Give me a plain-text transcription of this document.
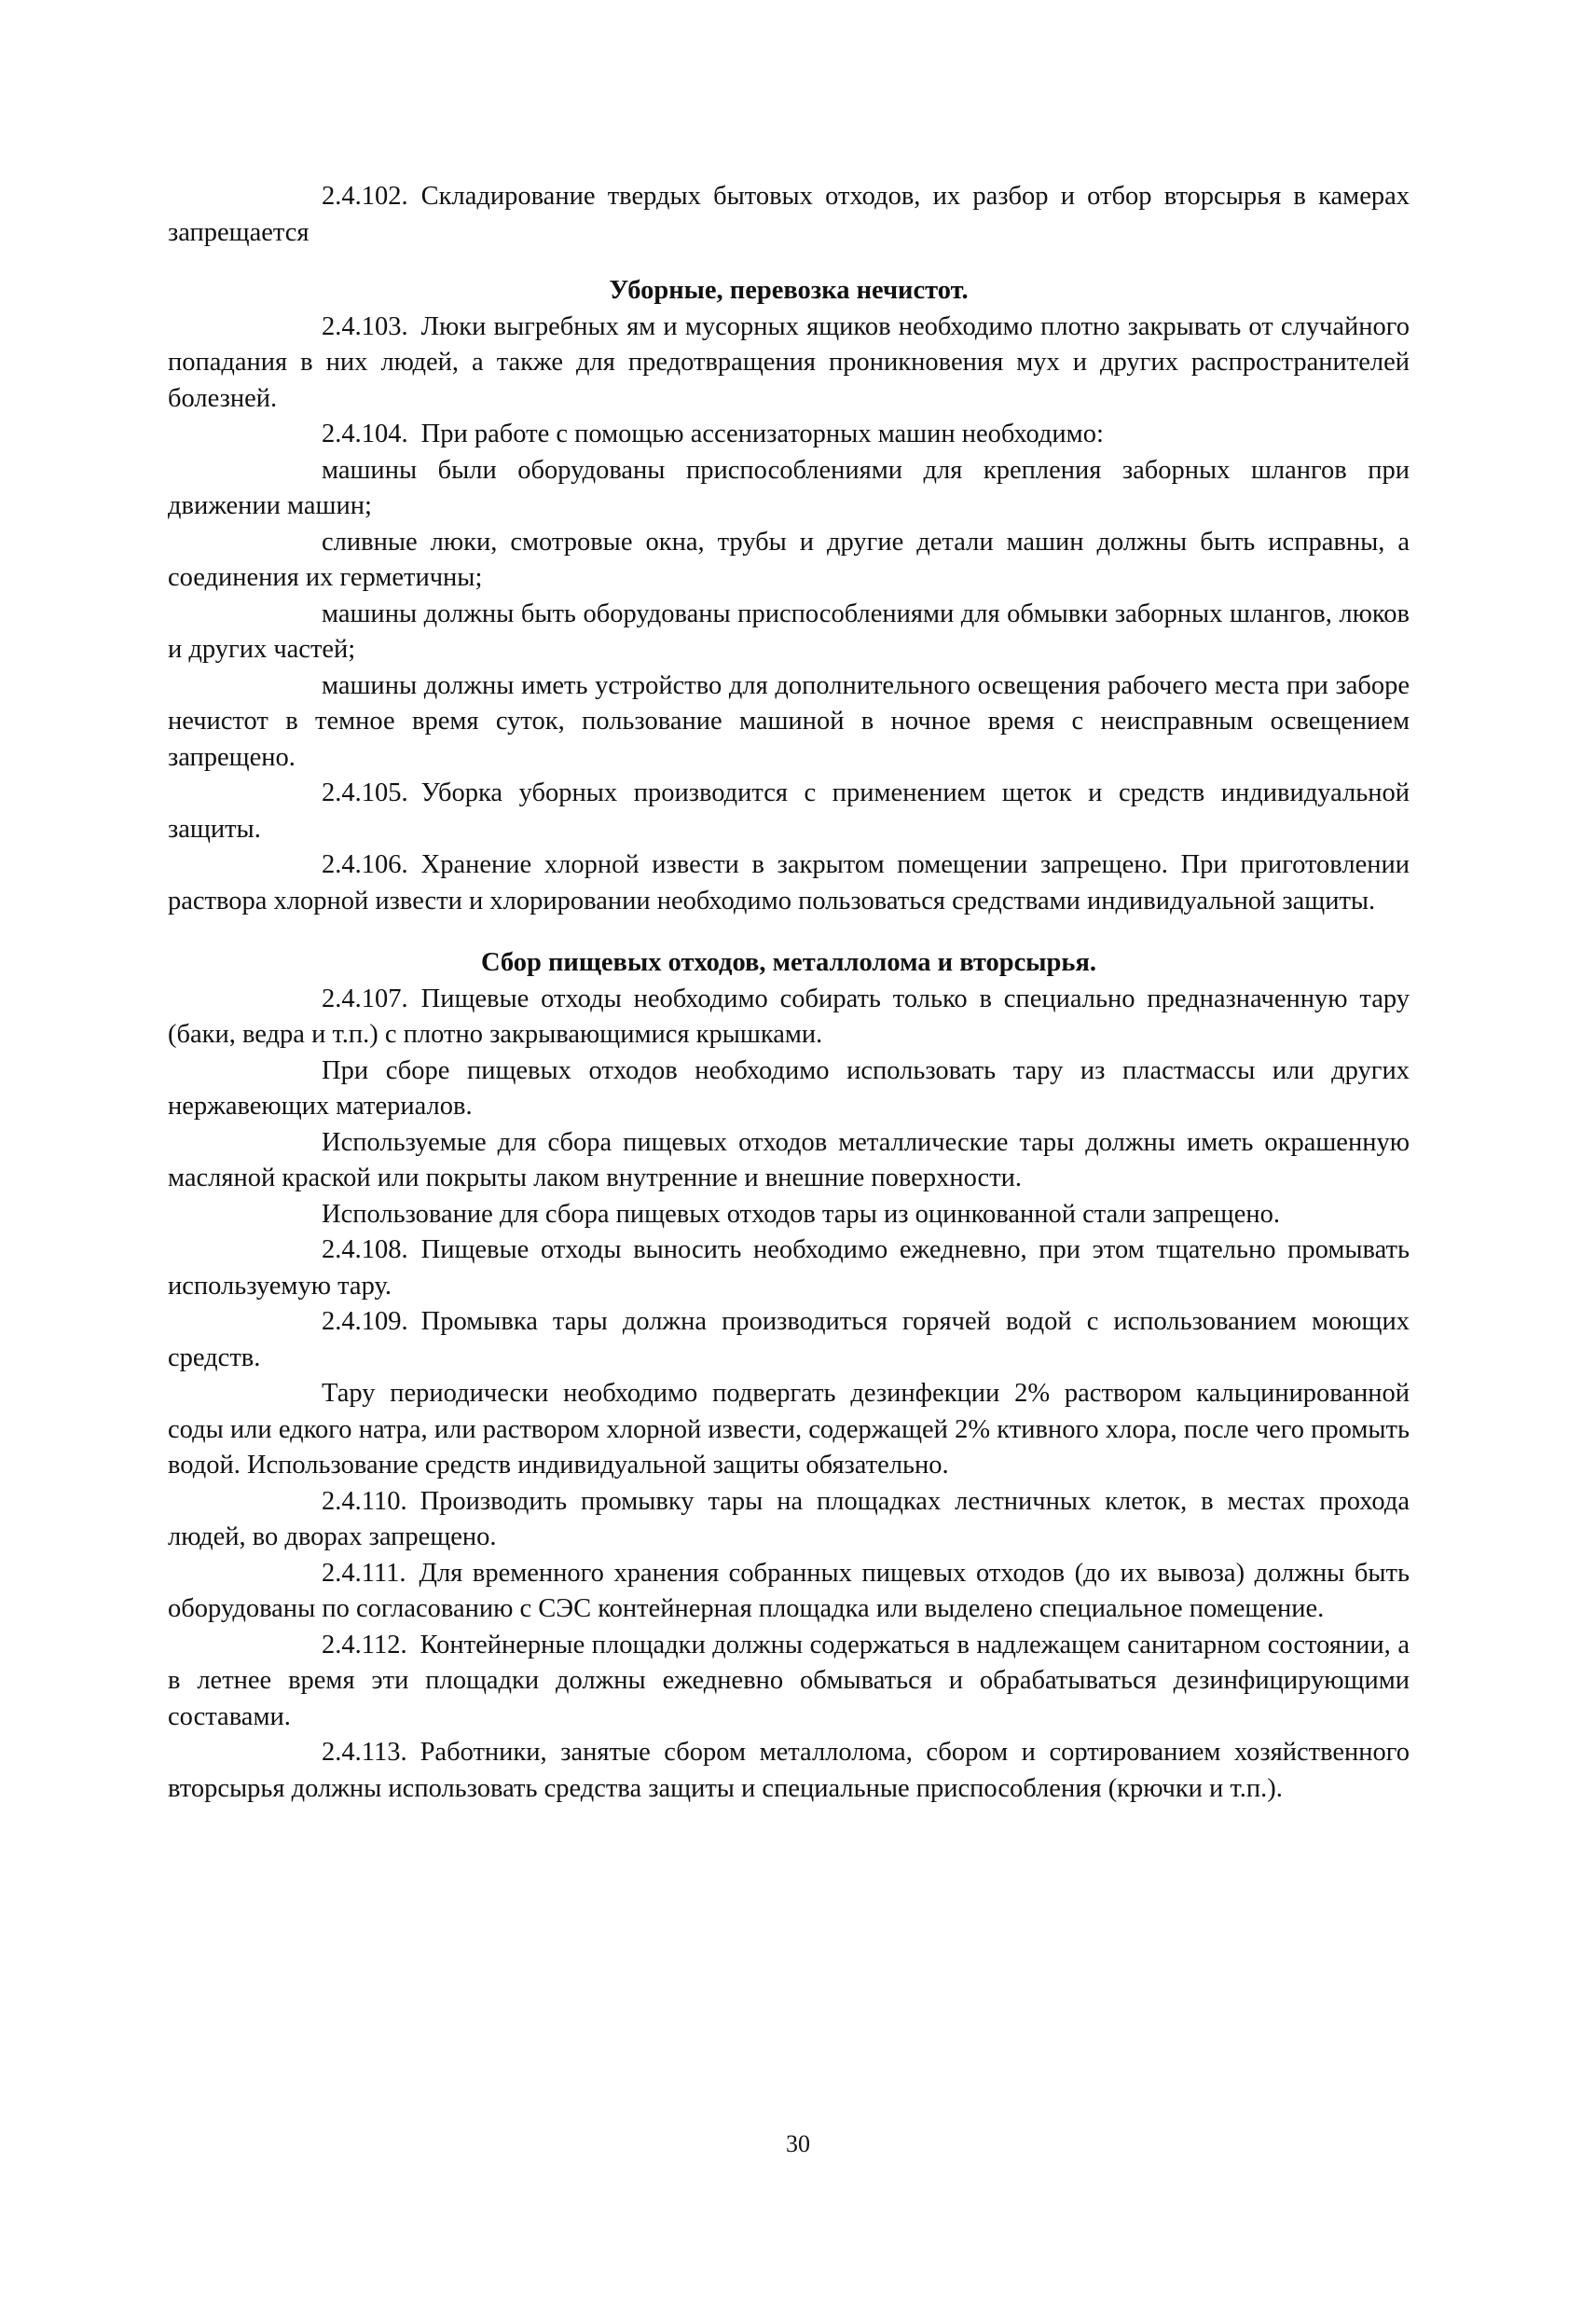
2.4.102. Складирование твердых бытовых отходов, их разбор и отбор вторсырья в камерах запрещается

Уборные, перевозка нечистот.

2.4.103. Люки выгребных ям и мусорных ящиков необходимо плотно закрывать от случайного попадания в них людей, а также для предотвращения проникновения мух и других распространителей болезней.

2.4.104. При работе с помощью ассенизаторных машин необходимо:

машины были оборудованы приспособлениями для крепления заборных шлангов при движении машин;

сливные люки, смотровые окна, трубы и другие детали машин должны быть исправны, а соединения их герметичны;

машины должны быть оборудованы приспособлениями для обмывки заборных шлангов, люков и других частей;

машины должны иметь устройство для дополнительного освещения рабочего места при заборе нечистот в темное время суток, пользование машиной в ночное время с неисправным освещением запрещено.

2.4.105. Уборка уборных производится с применением щеток и средств индивидуальной защиты.

2.4.106. Хранение хлорной извести в закрытом помещении запрещено. При приготовлении раствора хлорной извести и хлорировании необходимо пользоваться средствами индивидуальной защиты.

Сбор пищевых отходов, металлолома и вторсырья.

2.4.107. Пищевые отходы необходимо собирать только в специально предназначенную тару (баки, ведра и т.п.) с плотно закрывающимися крышками.

При сборе пищевых отходов необходимо использовать тару из пластмассы или других нержавеющих материалов.

Используемые для сбора пищевых отходов металлические тары должны иметь окрашенную масляной краской или покрыты лаком внутренние и внешние поверхности.

Использование для сбора пищевых отходов тары из оцинкованной стали запрещено.

2.4.108. Пищевые отходы выносить необходимо ежедневно, при этом тщательно промывать используемую тару.

2.4.109. Промывка тары должна производиться горячей водой с использованием моющих средств.

Тару периодически необходимо подвергать дезинфекции 2% раствором кальцинированной соды или едкого натра, или раствором хлорной извести, содержащей 2% ктивного хлора, после чего промыть водой. Использование средств индивидуальной защиты обязательно.

2.4.110. Производить промывку тары на площадках лестничных клеток, в местах прохода людей, во дворах запрещено.

2.4.111. Для временного хранения собранных пищевых отходов (до их вывоза) должны быть оборудованы по согласованию с СЭС контейнерная площадка или выделено специальное помещение.

2.4.112. Контейнерные площадки должны содержаться в надлежащем санитарном состоянии, а в летнее время эти площадки должны ежедневно обмываться и обрабатываться дезинфицирующими составами.

2.4.113. Работники, занятые сбором металлолома, сбором и сортированием хозяйственного вторсырья должны использовать средства защиты и специальные приспособления (крючки и т.п.).

30
